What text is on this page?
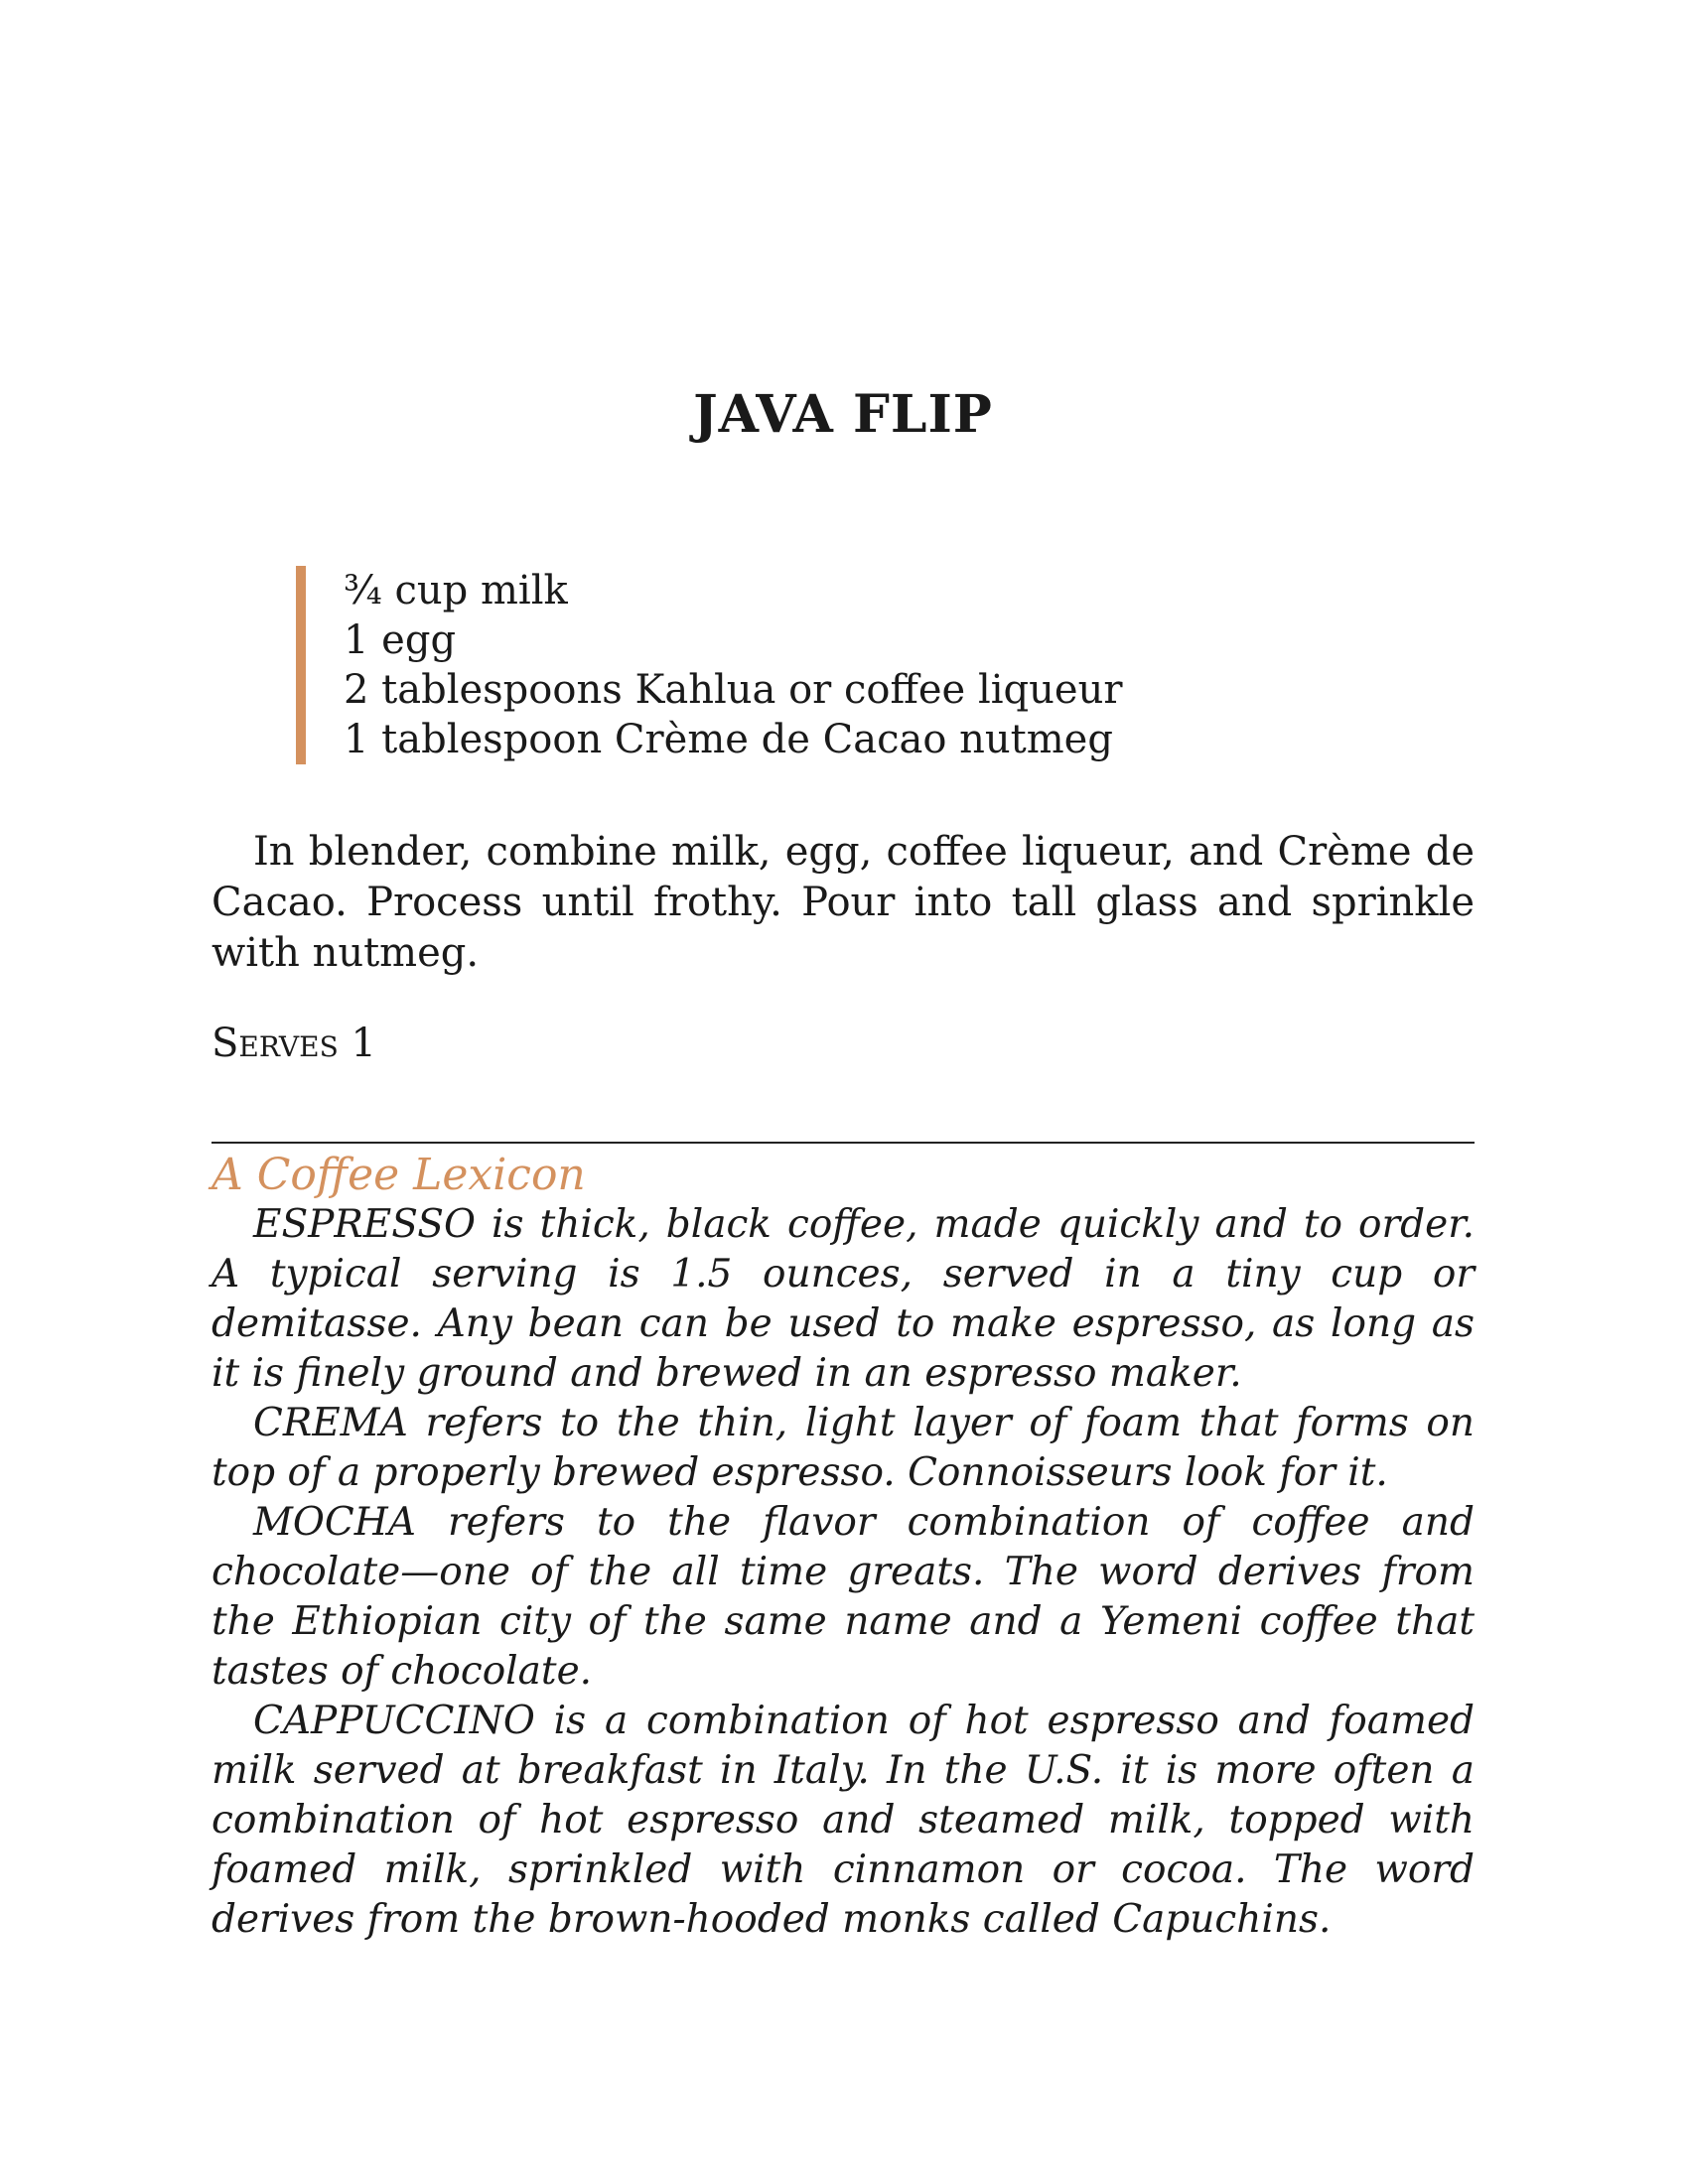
JAVA FLIP
¾ cup milk
1 egg
2 tablespoons Kahlua or coffee liqueur
1 tablespoon Crème de Cacao nutmeg

In blender, combine milk, egg, coffee liqueur, and Crème de Cacao. Process until frothy. Pour into tall glass and sprinkle with nutmeg.

Serves 1

A Coffee Lexicon

ESPRESSO is thick, black coffee, made quickly and to order. A typical serving is 1.5 ounces, served in a tiny cup or demitasse. Any bean can be used to make espresso, as long as it is finely ground and brewed in an espresso maker.

CREMA refers to the thin, light layer of foam that forms on top of a properly brewed espresso. Connoisseurs look for it.

MOCHA refers to the flavor combination of coffee and chocolate—one of the all time greats. The word derives from the Ethiopian city of the same name and a Yemeni coffee that tastes of chocolate.

CAPPUCCINO is a combination of hot espresso and foamed milk served at breakfast in Italy. In the U.S. it is more often a combination of hot espresso and steamed milk, topped with foamed milk, sprinkled with cinnamon or cocoa. The word derives from the brown-hooded monks called Capuchins.
